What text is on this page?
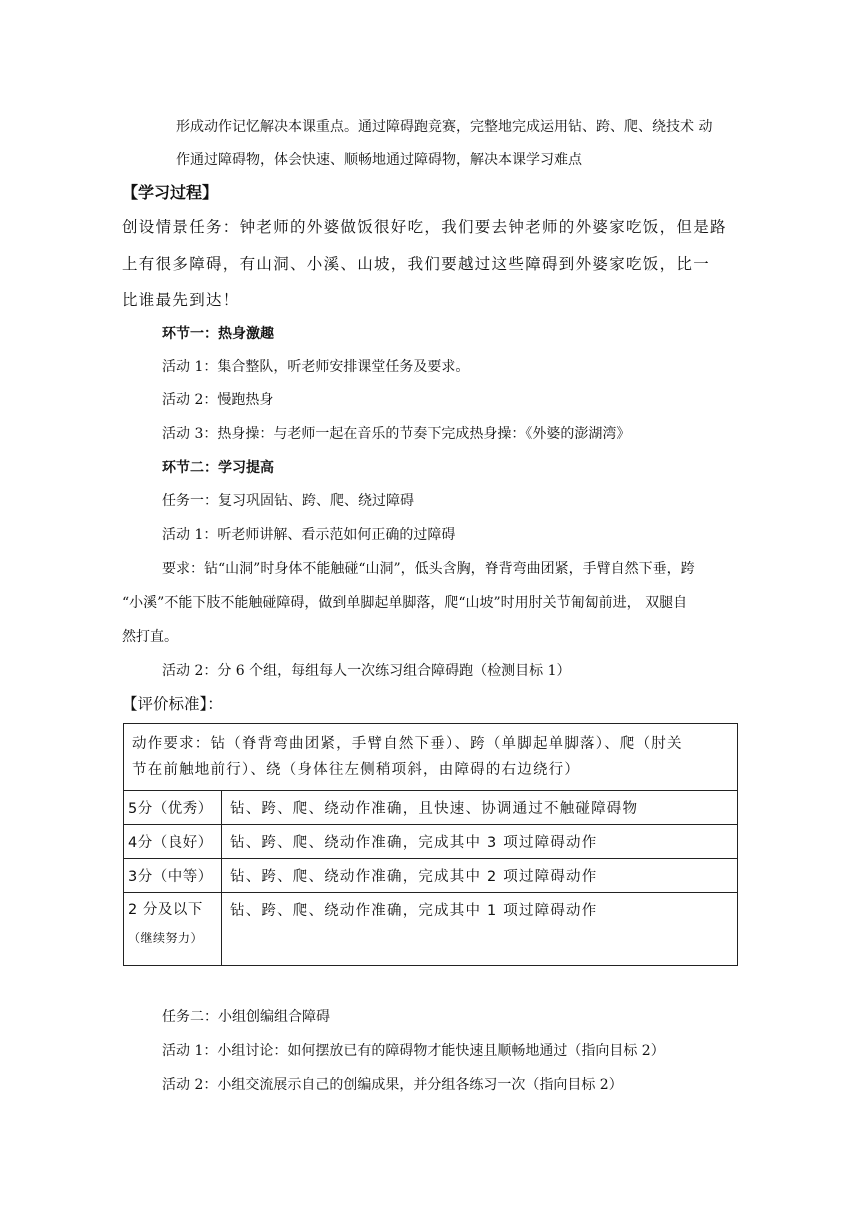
形成动作记忆解决本课重点。通过障碍跑竞赛，完整地完成运用钻、跨、爬、绕技术 动
作通过障碍物，体会快速、顺畅地通过障碍物，解决本课学习难点
【学习过程】
创设情景任务：钟老师的外婆做饭很好吃，我们要去钟老师的外婆家吃饭，但是路
上有很多障碍，有山洞、小溪、山坡，我们要越过这些障碍到外婆家吃饭，比一
比谁最先到达！
环节一：热身激趣
活动 1：集合整队，听老师安排课堂任务及要求。
活动 2：慢跑热身
活动 3：热身操：与老师一起在音乐的节奏下完成热身操：《外婆的澎湖湾》
环节二：学习提高
任务一：复习巩固钻、跨、爬、绕过障碍
活动 1：听老师讲解、看示范如何正确的过障碍
要求：钻“山洞”时身体不能触碰“山洞”，低头含胸，脊背弯曲团紧，手臂自然下垂，跨
“小溪”不能下肢不能触碰障碍，做到单脚起单脚落，爬“山坡”时用肘关节匍匐前进， 双腿自
然打直。
活动 2：分 6 个组，每组每人一次练习组合障碍跑（检测目标 1）
【评价标准】：
动作要求：钻（脊背弯曲团紧，手臂自然下垂）、跨（单脚起单脚落）、爬（肘关
节在前触地前行）、绕（身体往左侧稍项斜，由障碍的右边绕行）	

5分（优秀）	钻、跨、爬、绕动作准确，且快速、协调通过不触碰障碍物
4分（良好）	钻、跨、爬、绕动作准确，完成其中 3 项过障碍动作
3分（中等）	钻、跨、爬、绕动作准确，完成其中 2 项过障碍动作

2 分及以下
（继续努力）	钻、跨、爬、绕动作准确，完成其中 1 项过障碍动作
任务二：小组创编组合障碍
活动 1：小组讨论：如何摆放已有的障碍物才能快速且顺畅地通过（指向目标 2）
活动 2：小组交流展示自己的创编成果，并分组各练习一次（指向目标 2）
